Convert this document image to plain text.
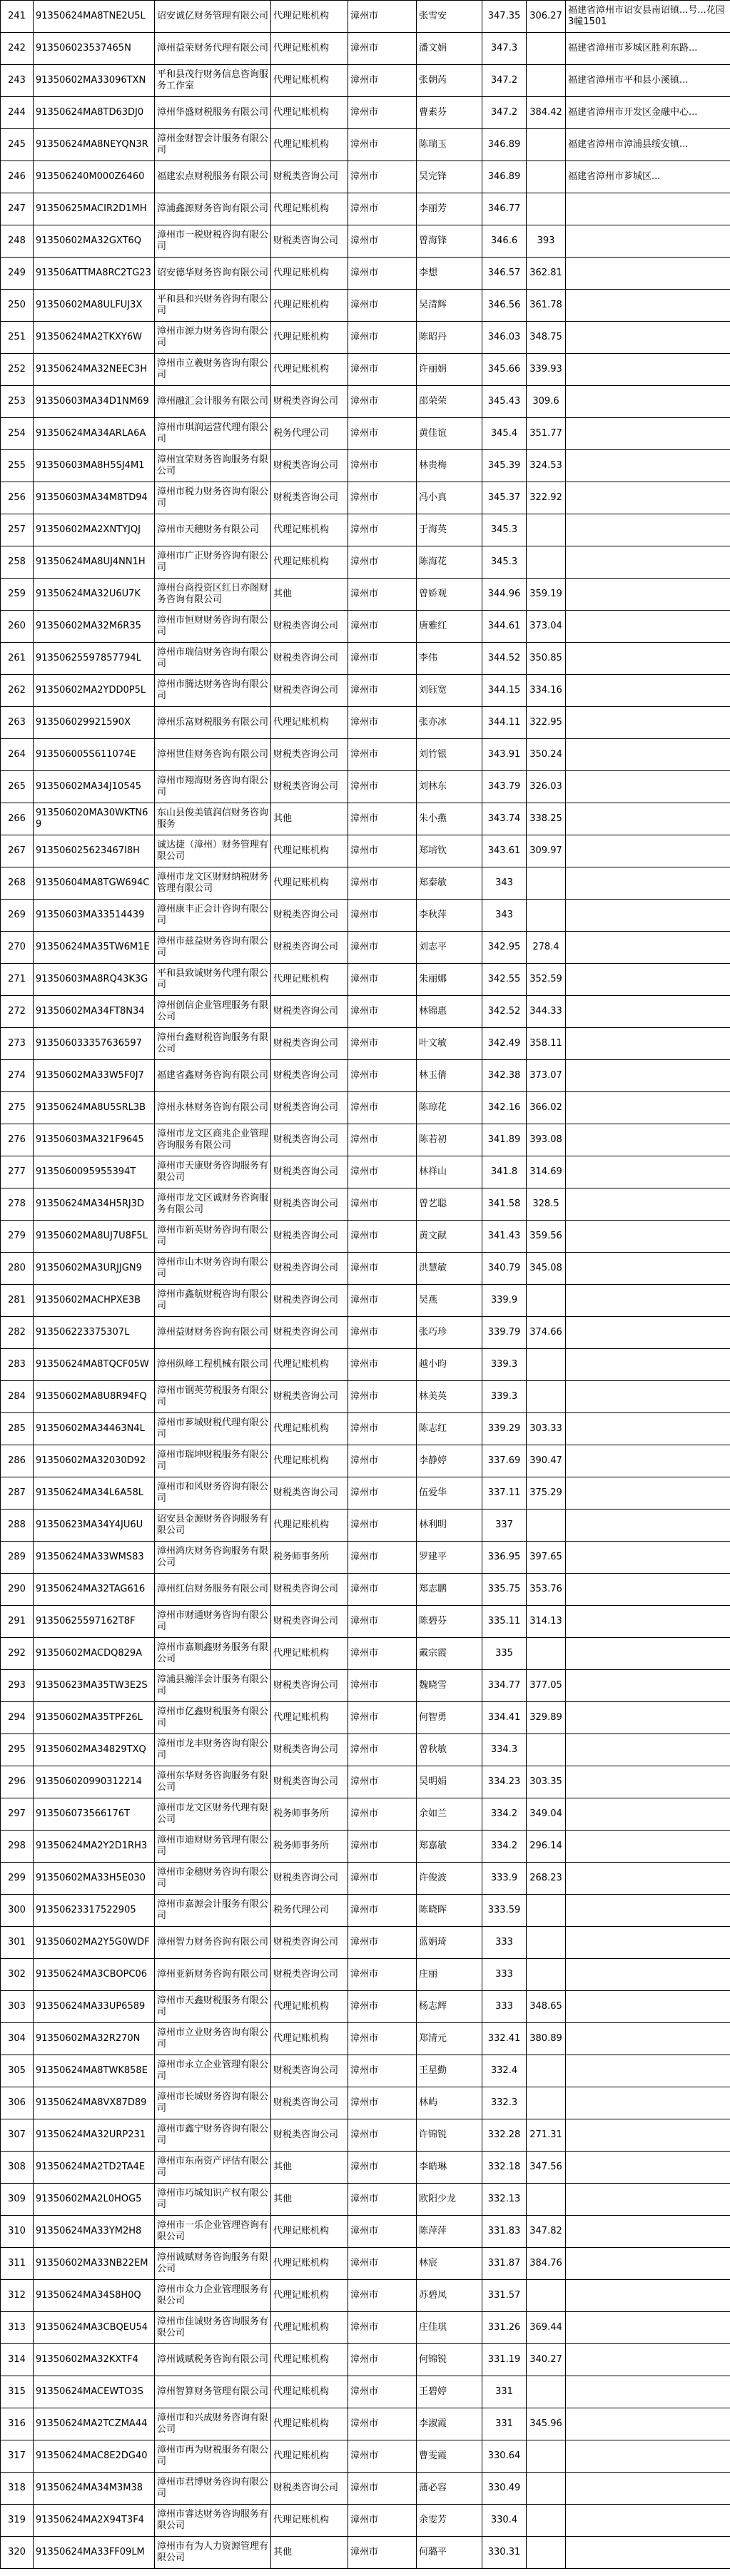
241	91350624MA8TNE2U5L	诏安诚亿财务管理有限公司	代理记账机构	漳州市	张雪安	347.35	306.27	福建省漳州市诏安县南诏镇...号...花园3幢1501
242	913506023537465N	漳州益荣财务代理有限公司	代理记账机构	漳州市	潘文娟	347.3		福建省漳州市芗城区胜利东路...
243	91350602MA33096TXN	平和县茂行财务信息咨询服务工作室	代理记账机构	漳州市	张朝芮	347.2		福建省漳州市平和县小溪镇...
244	91350624MA8TD63DJ0	漳州华盛财税服务有限公司	代理记账机构	漳州市	曹素芬	347.2	384.42	福建省漳州市开发区金融中心...
245	91350624MA8NEYQN3R	漳州金财智会计服务有限公司	代理记账机构	漳州市	陈瑞玉	346.89		福建省漳州市漳浦县绥安镇...
246	913506240M000Z6460	福建宏点财税服务有限公司	财税类咨询公司	漳州市	吴完锋	346.89		福建省漳州市芗城区...
247	91350625MACIR2D1MH	漳浦鑫源财务咨询有限公司	代理记账机构	漳州市	李丽芳	346.77		
248	91350602MA32GXT6Q	漳州市一税财税咨询有限公司	财税类咨询公司	漳州市	曾海锋	346.6	393	
249	913506ATTMA8RC2TG23	诏安德华财务咨询有限公司	代理记账机构	漳州市	李想	346.57	362.81	
250	91350602MA8ULFUJ3X	平和县和兴财务咨询有限公司	代理记账机构	漳州市	吴清辉	346.56	361.78	
251	91350624MA2TKXY6W	漳州市源力财务咨询有限公司	代理记账机构	漳州市	陈昭丹	346.03	348.75	
252	91350624MA32NEEC3H	漳州市立羲财务咨询有限公司	代理记账机构	漳州市	许丽娟	345.66	339.93	
253	91350603MA34D1NM69	漳州融汇会计服务有限公司	财税类咨询公司	漳州市	邵荣荣	345.43	309.6	
254	91350624MA34ARLA6A	漳州市琪润运营代理有限公司	税务代理公司	漳州市	黄佳谊	345.4	351.77	
255	91350603MA8H5SJ4M1	漳州宜荣财务咨询服务有限公司	财税类咨询公司	漳州市	林贵梅	345.39	324.53	
256	91350603MA34M8TD94	漳州市税力财务咨询有限公司	财税类咨询公司	漳州市	冯小真	345.37	322.92	
257	91350602MA2XNTYJQJ	漳州市天穗财务有限公司	代理记账机构	漳州市	于海英	345.3		
258	91350624MA8UJ4NN1H	漳州市广正财务咨询有限公司	代理记账机构	漳州市	陈海花	345.3		
259	91350624MA32U6U7K	漳州台商投资区红日亦阁财务咨询有限公司	其他	漳州市	曾娇观	344.96	359.19	
260	91350602MA32M6R35	漳州市恒财财务咨询有限公司	财税类咨询公司	漳州市	唐雅红	344.61	373.04	
261	91350625597857794L	漳州市瑞信财务咨询有限公司	财税类咨询公司	漳州市	李伟	344.52	350.85	
262	91350602MA2YDD0P5L	漳州市腾达财务咨询有限公司	财税类咨询公司	漳州市	刘钰宽	344.15	334.16	
263	913506029921590X	漳州乐富财税服务有限公司	代理记账机构	漳州市	张亦冰	344.11	322.95	
264	913506005S611074E	漳州世佳财务咨询有限公司	财税类咨询公司	漳州市	刘竹银	343.91	350.24	
265	91350602MA34J10545	漳州市翔海财务咨询有限公司	财税类咨询公司	漳州市	刘林东	343.79	326.03	
266	913506020MA30WKTN69	东山县俊美镇润信财务咨询服务	其他	漳州市	朱小燕	343.74	338.25	
267	913506025623467I8H	诚达捷（漳州）财务管理有限公司	代理记账机构	漳州市	郑培钦	343.61	309.97	
268	91350604MA8TGW694C	漳州市龙文区财财纳税财务管理有限公司	代理记账机构	漳州市	郑秦敏	343		
269	91350603MA33514439	漳州康丰正会计咨询有限公司	财税类咨询公司	漳州市	李秋萍	343		
270	91350624MA35TW6M1E	漳州市兹益财务咨询有限公司	财税类咨询公司	漳州市	刘志平	342.95	278.4	
271	91350603MA8RQ43K3G	平和县致诚财务代理有限公司	代理记账机构	漳州市	朱丽娜	342.55	352.59	
272	91350602MA34FT8N34	漳州创信企业管理服务有限公司	财税类咨询公司	漳州市	林锦惠	342.52	344.33	
273	913506033357636597	漳州台鑫财税咨询服务有限公司	财税类咨询公司	漳州市	叶文敏	342.49	358.11	
274	91350602MA33W5F0J7	福建省鑫财务咨询有限公司	财税类咨询公司	漳州市	林玉倩	342.38	373.07	
275	91350624MA8U5SRL3B	漳州永林财务咨询有限公司	财税类咨询公司	漳州市	陈琼花	342.16	366.02	
276	91350603MA321F9645	漳州市龙文区商兆企业管理咨询服务有限公司	财税类咨询公司	漳州市	陈若初	341.89	393.08	
277	9135060095955394T	漳州市天康财务咨询服务有限公司	财税类咨询公司	漳州市	林祥山	341.8	314.69	
278	91350624MA34H5RJ3D	漳州市龙文区诚财务咨询服务有限公司	财税类咨询公司	漳州市	曾艺聪	341.58	328.5	
279	91350602MA8UJ7U8F5L	漳州市新英财务咨询有限公司	财税类咨询公司	漳州市	黄文献	341.43	359.56	
280	91350602MA3URJJGN9	漳州市山木财务咨询有限公司	财税类咨询公司	漳州市	洪慧敏	340.79	345.08	
281	91350602MACHPXE3B	漳州市鑫航财税咨询有限公司	财税类咨询公司	漳州市	吴燕	339.9		
282	913506223375307L	漳州益财财务咨询有限公司	财税类咨询公司	漳州市	张巧珍	339.79	374.66	
283	91350624MA8TQCF05W	漳州纵峰工程机械有限公司	代理记账机构	漳州市	越小昀	339.3		
284	91350602MA8U8R94FQ	漳州市钢英劳税服务有限公司	财税类咨询公司	漳州市	林美英	339.3		
285	91350602MA34463N4L	漳州市芗城财税代理有限公司	代理记账机构	漳州市	陈志红	339.29	303.33	
286	91350602MA32030D92	漳州市瑞坤财税服务有限公司	代理记账机构	漳州市	李静婷	337.69	390.47	
287	91350624MA34L6A58L	漳州市和风财务咨询有限公司	财税类咨询公司	漳州市	伍爱华	337.11	375.29	
288	91350623MA34Y4JU6U	诏安县金源财务咨询服务有限公司	代理记账机构	漳州市	林利明	337		
289	91350624MA33WMS83	漳州鸿庆财务咨询服务有限公司	税务师事务所	漳州市	罗建平	336.95	397.65	
290	91350624MA32TAG616	漳州红信财务服务有限公司	财税类咨询公司	漳州市	郑志鹏	335.75	353.76	
291	91350625597162T8F	漳州市财通财务咨询有限公司	财税类咨询公司	漳州市	陈碧芬	335.11	314.13	
292	91350602MACDQ829A	漳州市嘉顺鑫财务服务有限公司	代理记账机构	漳州市	戴宗霞	335		
293	91350623MA35TW3E2S	漳浦县瀚洋会计服务有限公司	财税类咨询公司	漳州市	魏晓雪	334.77	377.05	
294	91350602MA35TPF26L	漳州市亿鑫财税服务有限公司	代理记账机构	漳州市	何智勇	334.41	329.89	
295	91350602MA34829TXQ	漳州市龙丰财务咨询有限公司	财税类咨询公司	漳州市	曾秋敏	334.3		
296	913506020990312214	漳州东华财务咨询服务有限公司	财税类咨询公司	漳州市	吴明娟	334.23	303.35	
297	913506073566176T	漳州市龙文区财务代理有限公司	税务师事务所	漳州市	余如兰	334.2	349.04	
298	91350624MA2Y2D1RH3	漳州市迪财财务管理有限公司	税务师事务所	漳州市	郑嘉敏	334.2	296.14	
299	91350602MA33H5E030	漳州市金穗财务咨询有限公司	财税类咨询公司	漳州市	许俊波	333.9	268.23	
300	91350623317522905	漳州市嘉源会计服务有限公司	税务代理公司	漳州市	陈晓晖	333.59		
301	91350602MA2Y5G0WDF	漳州智力财务咨询有限公司	财税类咨询公司	漳州市	蓝娟琦	333		
302	91350624MA3CBOPC06	漳州亚新财务咨询有限公司	财税类咨询公司	漳州市	庄丽	333		
303	91350624MA33UP6589	漳州市天鑫财税服务有限公司	代理记账机构	漳州市	杨志辉	333	348.65	
304	91350602MA32R270N	漳州市立业财务咨询有限公司	代理记账机构	漳州市	郑清元	332.41	380.89	
305	91350624MA8TWK858E	漳州市永立企业管理有限公司	财税类咨询公司	漳州市	王星勤	332.4		
306	91350624MA8VX87D89	漳州市长城财务咨询有限公司	财税类咨询公司	漳州市	林屿	332.3		
307	91350624MA32URP231	漳州市鑫宁财务咨询有限公司	财税类咨询公司	漳州市	许锦锐	332.28	271.31	
308	91350624MA2TD2TA4E	漳州市东南资产评估有限公司	其他	漳州市	李皓琳	332.18	347.56	
309	91350602MA2L0HOG5	漳州市巧城知识产权有限公司	其他	漳州市	欧阳少龙	332.13		
310	91350624MA33YM2H8	漳州市一乐企业管理咨询有限公司	代理记账机构	漳州市	陈萍萍	331.83	347.82	
311	91350602MA33NB22EM	漳州诚赋财务咨询服务有限公司	代理记账机构	漳州市	林宸	331.87	384.76	
312	91350624MA34S8H0Q	漳州市众力企业管理服务有限公司	代理记账机构	漳州市	苏碧凤	331.57		
313	91350624MA3CBQEU54	漳州市佳诚财务咨询服务有限公司	代理记账机构	漳州市	庄佳琪	331.26	369.44	
314	91350602MA32KXTF4	漳州诚赋税务咨询有限公司	代理记账机构	漳州市	何锦锐	331.19	340.27	
315	91350624MACEWTO3S	漳州智算财务管理有限公司	代理记账机构	漳州市	王碧婷	331		
316	91350624MA2TCZMA44	漳州市和兴成财务咨询有限公司	代理记账机构	漳州市	李淑霞	331	345.96	
317	91350624MAC8E2DG40	漳州市再为财税服务有限公司	代理记账机构	漳州市	曹雯霞	330.64		
318	91350624MA34M3M38	漳州市君博财务咨询有限公司	财税类咨询公司	漳州市	蒲必容	330.49		
319	91350624MA2X94T3F4	漳州市睿达财务咨询服务有限公司	代理记账机构	漳州市	余雯芳	330.4		
320	91350624MA33FF09LM	漳州市有为人力资源管理有限公司	其他	漳州市	何璐平	330.31		
